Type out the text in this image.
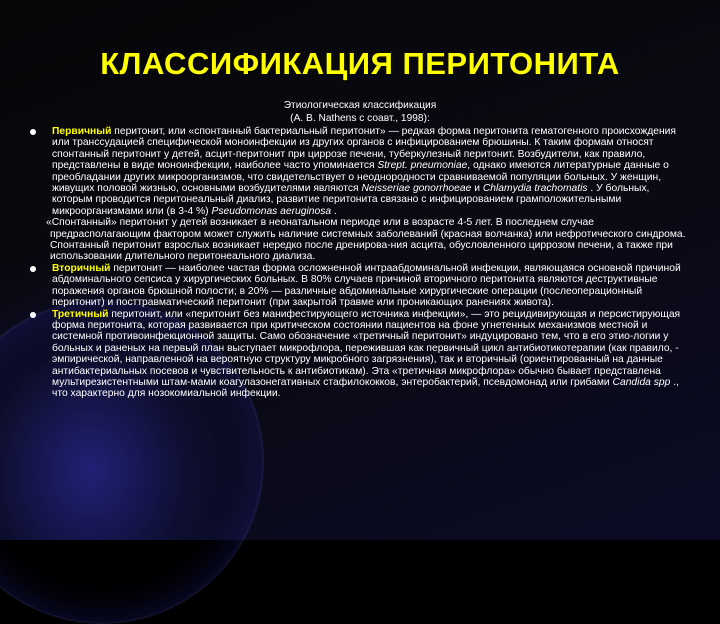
КЛАССИФИКАЦИЯ ПЕРИТОНИТА
Этиологическая классификация
(А. В. Nathens с соавт., 1998):

Первичный перитонит, или «спонтанный бактериальный перитонит» — редкая форма перитонита гематогенного происхождения или транссудацией специфической моноинфекции из других органов с инфицированием брюшины. К таким формам относят спонтанный перитонит у детей, асцит-перитонит при циррозе печени, туберкулезный перитонит. Возбудители, как правило, представлены в виде моноинфекции, наиболее часто упоминается Strept. pneumoniae, однако имеются литературные данные о преобладании других микроорганизмов, что свидетельствует о неоднородности сравниваемой популяции больных. У женщин, живущих половой жизнью, основными возбудителями являются Neisseriae gonorrhoeae и Chlamydia trachomatis . У больных, которым проводится перитонеальный диализ, развитие перитонита связано с инфицированием грамположительными микроорганизмами или (в 3-4 %) Pseudomonas aeruginosa .

«Спонтанный» перитонит у детей возникает в неонатальном периоде или в возрасте 4-5 лет. В последнем случае предрасполагающим фактором может служить наличие системных заболеваний (красная волчанка) или нефротического синдрома.

Спонтанный перитонит взрослых возникает нередко после дренирова-ния асцита, обусловленного циррозом печени, а также при использовании длительного перитонеального диализа.

Вторичный перитонит — наиболее частая форма осложненной интраабдоминальной инфекции, являющаяся основной причиной абдоминального сепсиса у хирургических больных. В 80% случаев причиной вторичного перитонита являются деструктивные поражения органов брюшной полости; в 20% — различные абдоминальные хирургические операции (послеоперационный перитонит) и посттравматический перитонит (при закрытой травме или проникающих ранениях живота).

Третичный перитонит, или «перитонит без манифестирующего источника инфекции», — это рецидивирующая и персистирующая форма перитонита, которая развивается при критическом состоянии пациентов на фоне угнетенных механизмов местной и системной противоинфекционной защиты. Само обозначение «третичный перитонит» индуцировано тем, что в его этио-логии у больных и раненых на первый план выступает микрофлора, пережившая как первичный цикл антибиотикотерапии (как правило, - эмпирической, направленной на вероятную структуру микробного загрязнения), так и вторичный (ориентированный на данные антибактериальных посевов и чувствительность к антибиотикам). Эта «третичная микрофлора» обычно бывает представлена мультирезистентными штам-мами коагулазонегативных стафилококков, энтеробактерий, псевдомонад или грибами Candida spp ., что характерно для нозокомиальной инфекции.
